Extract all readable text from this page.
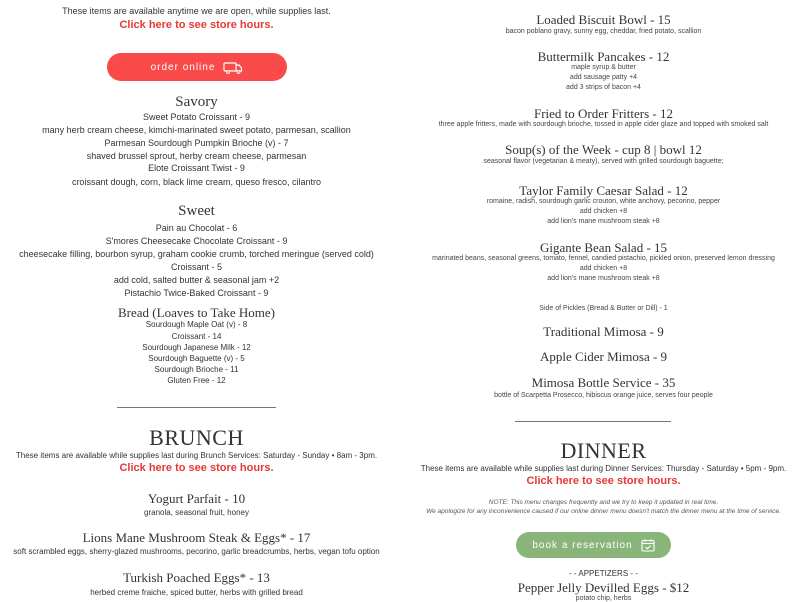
These items are available anytime we are open, while supplies last.
Click here to see store hours.
order online
Savory
Sweet Potato Croissant - 9
many herb cream cheese, kimchi-marinated sweet potato, parmesan, scallion
Parmesan Sourdough Pumpkin Brioche (v) - 7
shaved brussel sprout, herby cream cheese, parmesan
Elote Croissant Twist - 9
croissant dough, corn, black lime cream, queso fresco, cilantro
Sweet
Pain au Chocolat - 6
S'mores Cheesecake Chocolate Croissant - 9
cheesecake filling, bourbon syrup, graham cookie crumb, torched meringue (served cold)
Croissant - 5
add cold, salted butter & seasonal jam +2
Pistachio Twice-Baked Croissant - 9
Bread (Loaves to Take Home)
Sourdough Maple Oat (v) - 8
Croissant - 14
Sourdough Japanese Milk - 12
Sourdough Baguette (v) - 5
Sourdough Brioche - 11
Gluten Free - 12
BRUNCH
These items are available while supplies last during Brunch Services: Saturday - Sunday • 8am - 3pm.
Click here to see store hours.
Yogurt Parfait - 10
granola, seasonal fruit, honey
Lions Mane Mushroom Steak & Eggs* - 17
soft scrambled eggs, sherry-glazed mushrooms, pecorino, garlic breadcrumbs, herbs, vegan tofu option
Turkish Poached Eggs* - 13
herbed creme fraiche, spiced butter, herbs with grilled bread
Loaded Biscuit Bowl - 15
bacon poblano gravy, sunny egg, cheddar, fried potato, scallion
Buttermilk Pancakes - 12
maple syrup & butter
add sausage patty +4
add 3 strips of bacon +4
Fried to Order Fritters - 12
three apple fritters, made with sourdough brioche, tossed in apple cider glaze and topped with smoked salt
Soup(s) of the Week - cup 8 | bowl 12
seasonal flavor (vegetarian & meaty), served with grilled sourdough baguette;
Taylor Family Caesar Salad - 12
romaine, radish, sourdough garlic crouton, white anchovy, pecorino, pepper
add chicken +8
add lion's mane mushroom steak +8
Gigante Bean Salad - 15
marinated beans, seasonal greens, tomato, fennel, candied pistachio, pickled onion, preserved lemon dressing
add chicken +8
add lion's mane mushroom steak +8
Side of Pickles (Bread & Butter or Dill) - 1
Traditional Mimosa - 9
Apple Cider Mimosa - 9
Mimosa Bottle Service - 35
bottle of Scarpetta Prosecco, hibiscus orange juice, serves four people
DINNER
These items are available while supplies last during Dinner Services: Thursday - Saturday • 5pm - 9pm.
Click here to see store hours.
NOTE: This menu changes frequently and we try to keep it updated in real time.
We apologize for any inconvenience caused if our online dinner menu doesn't match the dinner menu at the time of service.
book a reservation
- - APPETIZERS - -
Pepper Jelly Devilled Eggs - $12
potato chip, herbs
